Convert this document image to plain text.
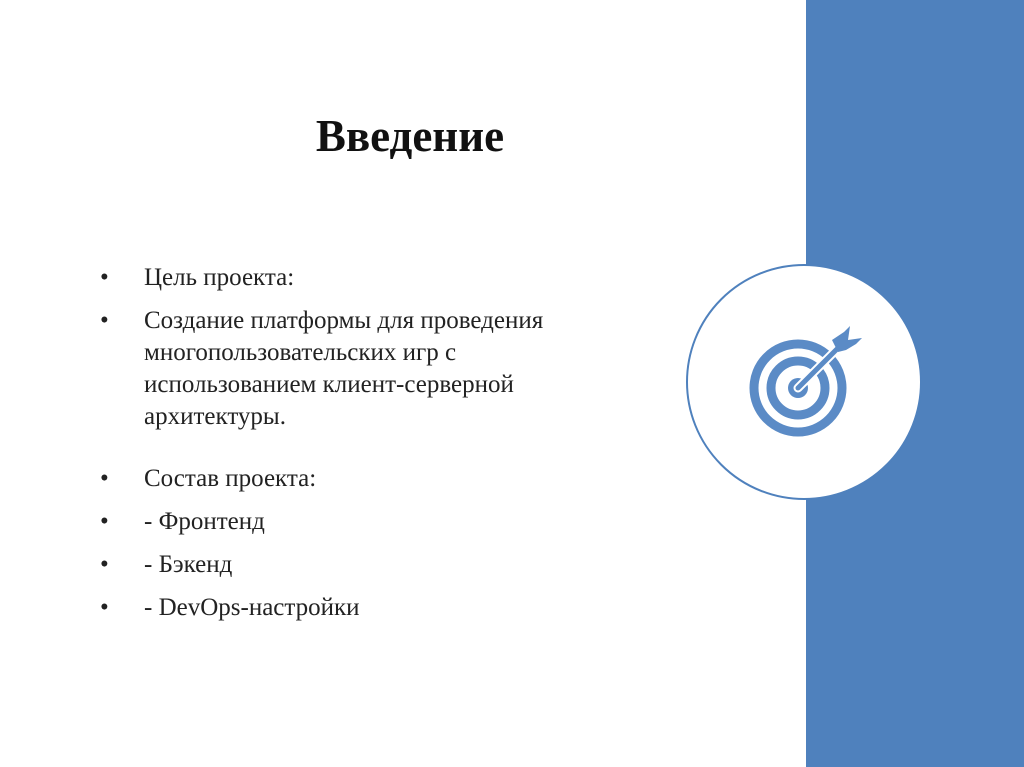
Введение
• Цель проекта:
• Создание платформы для проведения
многопользовательских игр с
использованием клиент-серверной
архитектуры.
• Состав проекта:
• - Фронтенд
• - Бэкенд
• - DevOps-настройки
